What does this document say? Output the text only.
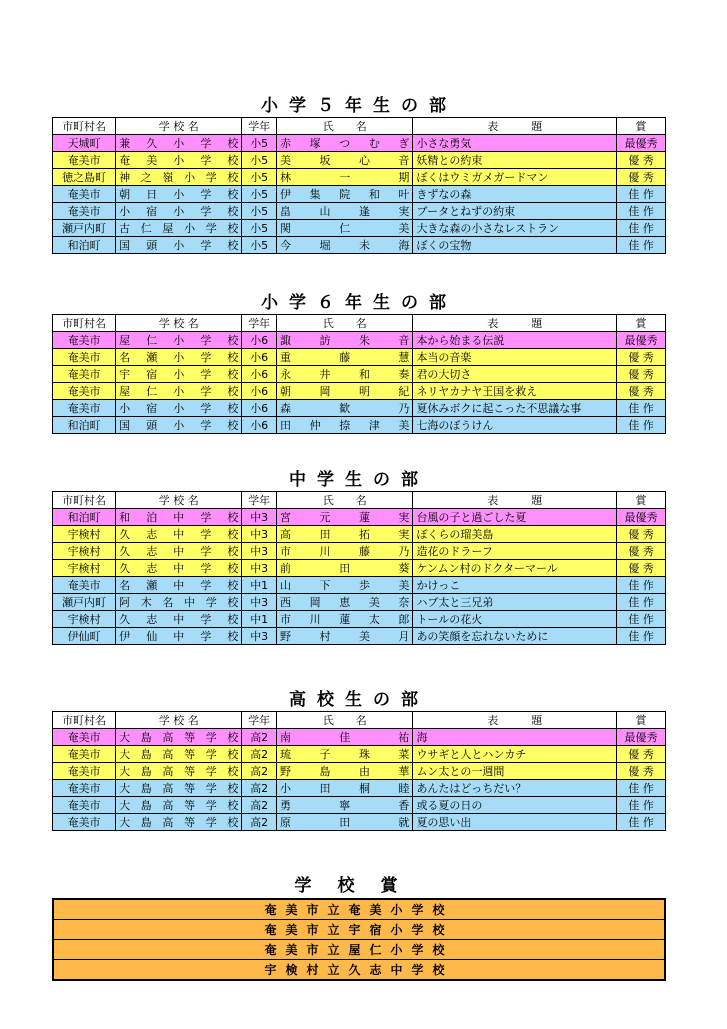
小学５年生の部
市町村名	学 校 名	学年	氏　　名	表　　　題	賞
天城町	兼久小学校	小5	赤塚つむぎ	小さな勇気	最優秀
奄美市	奄美小学校	小5	美坂心音	妖精との約束	優 秀
徳之島町	神之嶺小学校	小5	林一期	ぼくはウミガメガードマン	優 秀
奄美市	朝日小学校	小5	伊集院和叶	きずなの森	佳 作
奄美市	小宿小学校	小5	畠山逢実	ブータとねずの約束	佳 作
瀬戸内町	古仁屋小学校	小5	関仁美	大きな森の小さなレストラン	佳 作
和泊町	国頭小学校	小5	今堀未海	ぼくの宝物	佳 作
小学６年生の部
市町村名	学 校 名	学年	氏　　名	表　　　題	賞
奄美市	屋仁小学校	小6	諏訪朱音	本から始まる伝説	最優秀
奄美市	名瀬小学校	小6	重藤慧	本当の音楽	優 秀
奄美市	宇宿小学校	小6	永井和奏	君の大切さ	優 秀
奄美市	屋仁小学校	小6	朝岡明紀	ネリヤカナヤ王国を救え	優 秀
奄美市	小宿小学校	小6	森歓乃	夏休みボクに起こった不思議な事	佳 作
和泊町	国頭小学校	小6	田仲捺津美	七海のぼうけん	佳 作
中学生の部
市町村名	学 校 名	学年	氏　　名	表　　　題	賞
和泊町	和泊中学校	中3	宮元蓮実	台風の子と過ごした夏	最優秀
宇検村	久志中学校	中3	高田拓実	ぼくらの瑠美島	優 秀
宇検村	久志中学校	中3	市川藤乃	造花のドラーフ	優 秀
宇検村	久志中学校	中3	前田葵	ケンムン村のドクターマール	優 秀
奄美市	名瀬中学校	中1	山下歩美	かけっこ	佳 作
瀬戸内町	阿木名中学校	中3	西岡恵美奈	ハブ太と三兄弟	佳 作
宇検村	久志中学校	中1	市川蓮太郎	トールの花火	佳 作
伊仙町	伊仙中学校	中3	野村美月	あの笑顔を忘れないために	佳 作
高校生の部
市町村名	学 校 名	学年	氏　　名	表　　　題	賞
奄美市	大島高等学校	高2	南佳祐	海	最優秀
奄美市	大島高等学校	高2	琉子珠菜	ウサギと人とハンカチ	優 秀
奄美市	大島高等学校	高2	野島由華	ムン太との一週間	優 秀
奄美市	大島高等学校	高2	小田桐睦	あんたはどっちだい？	佳 作
奄美市	大島高等学校	高2	勇寧香	或る夏の日の	佳 作
奄美市	大島高等学校	高2	原田就	夏の思い出	佳 作
学校賞
奄美市立奄美小学校
奄美市立宇宿小学校
奄美市立屋仁小学校
宇検村立久志中学校
